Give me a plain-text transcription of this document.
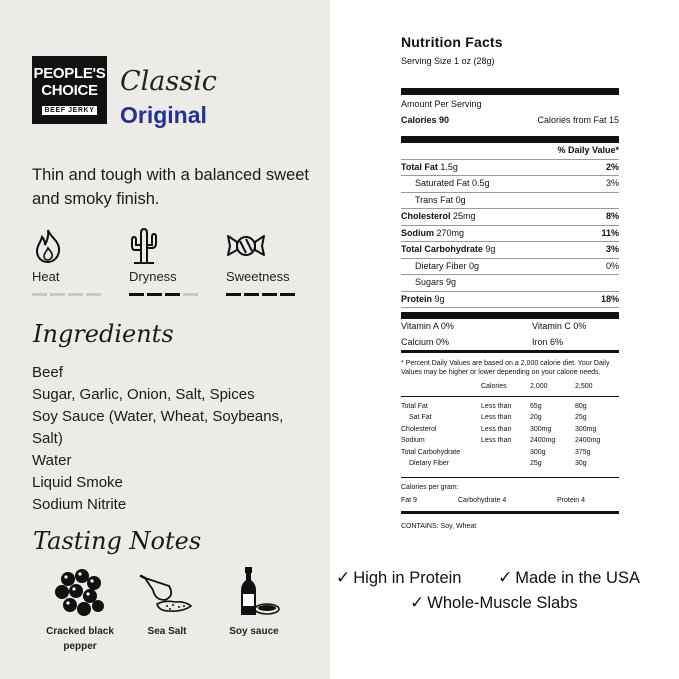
PEOPLE'S
CHOICE
BEEF JERKY
Classic
Original
Thin and tough with a balanced sweet and smoky finish.
Heat	Dryness	Sweetness
Ingredients
Beef
Sugar, Garlic, Onion, Salt, Spices
Soy Sauce (Water, Wheat, Soybeans,
Salt)
Water
Liquid Smoke
Sodium Nitrite
Tasting Notes
Cracked black pepper
Sea Salt	Soy sauce
Nutrition Facts
Serving Size 1 oz (28g)
Amount Per Serving
Calories 90	Calories from Fat 15
% Daily Value*
Total Fat 1.5g	2%
Saturated Fat 0.5g	3%
Trans Fat 0g
Cholesterol 25mg	8%
Sodium 270mg	11%
Total Carbohydrate 9g	3%
Dietary Fiber 0g	0%
Sugars 9g
Protein 9g	18%
Vitamin A 0%	Vitamin C 0%
Calcium 0%	Iron 6%
* Percent Daily Values are based on a 2,000 calorie diet. Your Daily Values may be higher or lower depending on your calorie needs.
	Calories	2,000	2,500

Total Fat	Less than	65g	80g
Sat Fat	Less than	20g	25g
Cholesterol	Less than	300mg	300mg
Sodium	Less than	2400mg	2400mg
Total Carbohydrate		300g	375g
Dietary Fiber		25g	30g
Calories per gram:
Fat 9	Carbohydrate 4	Protein 4
CONTAINS: Soy, Wheat
✓ High in Protein ✓ Made in the USA
✓ Whole-Muscle Slabs
